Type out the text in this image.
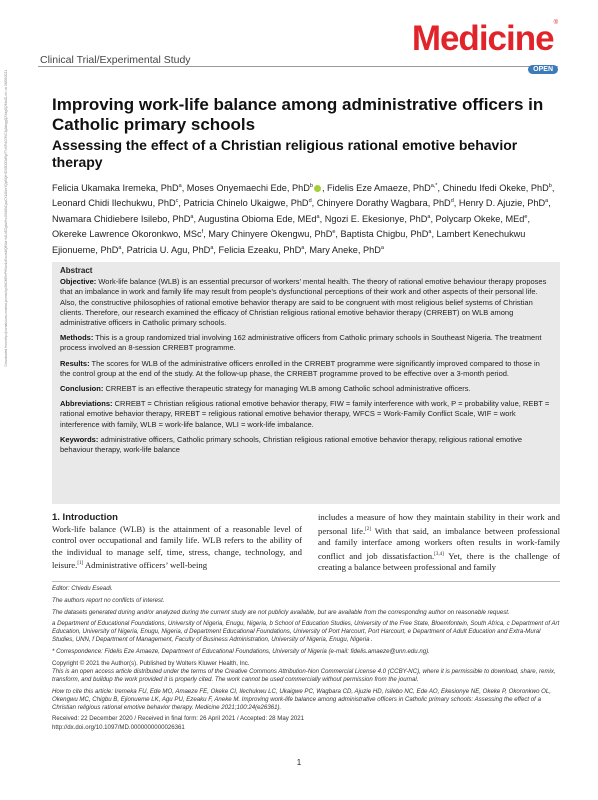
Downloaded from http://journals.lww.com/md-journal by BhDMf5ePHKav1zEoum1tQfN4a+kJLhEZgbsIHo4XMi0hCywCX1AWnYQp/IlQrHD3i3D0OdRyi7TvSFl4Cf3VC1y0abggQZXdgGj2MwlZLeI= on 06/08/2021
Clinical Trial/Experimental Study
Medicine®
OPEN
Improving work-life balance among administrative officers in Catholic primary schools
Assessing the effect of a Christian religious rational emotive behavior therapy
Felicia Ukamaka Iremeka, PhD$^a$, Moses Onyemaechi Ede, PhD$^b$ , Fidelis Eze Amaeze, PhD$^{a,*}$, Chinedu Ifedi Okeke, PhD$^b$, Leonard Chidi Ilechukwu, PhD$^c$, Patricia Chinelo Ukaigwe, PhD$^d$, Chinyere Dorathy Wagbara, PhD$^d$, Henry D. Ajuzie, PhD$^a$, Nwamara Chidiebere Isilebo, PhD$^a$, Augustina Obioma Ede, MEd$^a$, Ngozi E. Ekesionye, PhD$^a$, Polycarp Okeke, MEd$^e$, Okereke Lawrence Okoronkwo, MSc$^f$, Mary Chinyere Okengwu, PhD$^e$, Baptista Chigbu, PhD$^a$, Lambert Kenechukwu Ejionueme, PhD$^a$, Patricia U. Agu, PhD$^a$, Felicia Ezeaku, PhD$^a$, Mary Aneke, PhD$^a$
Abstract

Objective: Work-life balance (WLB) is an essential precursor of workers’ mental health. The theory of rational emotive behaviour therapy proposes that an imbalance in work and family life may result from people’s dysfunctional perceptions of their work and other aspects of their personal life. Also, the constructive philosophies of rational emotive behavior therapy are said to be congruent with most religious belief systems of Christian clients. Therefore, our research examined the efficacy of Christian religious rational emotive behavior therapy (CRREBT) on WLB among administrative officers in Catholic primary schools.

Methods: This is a group randomized trial involving 162 administrative officers from Catholic primary schools in Southeast Nigeria. The treatment process involved an 8-session CRREBT programme.

Results: The scores for WLB of the administrative officers enrolled in the CRREBT programme were significantly improved compared to those in the control group at the end of the study. At the follow-up phase, the CRREBT programme proved to be effective over a 3-month period.

Conclusion: CRREBT is an effective therapeutic strategy for managing WLB among Catholic school administrative officers.

Abbreviations: CRREBT = Christian religious rational emotive behavior therapy, FIW = family interference with work, P = probability value, REBT = rational emotive behavior therapy, RREBT = religious rational emotive behavior therapy, WFCS = Work-Family Conflict Scale, WIF = work interference with family, WLB = work-life balance, WLI = work-life imbalance.

Keywords: administrative officers, Catholic primary schools, Christian religious rational emotive behavior therapy, religious rational emotive behaviour therapy, work-life balance

1. Introduction
Work-life balance (WLB) is the attainment of a reasonable level of control over occupational and family life. WLB refers to the ability of the individual to manage self, time, stress, change, technology, and leisure.[1] Administrative officers’ well-being
includes a measure of how they maintain stability in their work and personal life.[2] With that said, an imbalance between professional and family interface among workers often results in work-family conflict and job dissatisfaction.[3,4] Yet, there is the challenge of creating a balance between professional and family

Editor: Chiedu Eseadi.

The authors report no conflicts of interest.

The datasets generated during and/or analyzed during the current study are not publicly available, but are available from the corresponding author on reasonable request.

a Department of Educational Foundations, University of Nigeria, Enugu, Nigeria, b School of Education Studies, University of the Free State, Bloemfontein, South Africa, c Department of Art Education, University of Nigeria, Enugu, Nigeria, d Department Educational Foundations, University of Port Harcourt, Port Harcourt, e Department of Adult Education and Extra-Mural Studies, UNN, f Department of Management, Faculty of Business Administration, University of Nigeria, Enugu, Nigeria .

* Correspondence: Fidelis Eze Amaeze, Department of Educational Foundations, University of Nigeria (e-mail: fidelis.amaeze@unn.edu.ng).

Copyright © 2021 the Author(s). Published by Wolters Kluwer Health, Inc.

This is an open access article distributed under the terms of the Creative Commons Attribution-Non Commercial License 4.0 (CCBY-NC), where it is permissible to download, share, remix, transform, and buildup the work provided it is properly cited. The work cannot be used commercially without permission from the journal.

How to cite this article: Iremeka FU, Ede MO, Amaeze FE, Okeke CI, Ilechukwu LC, Ukaigwe PC, Wagbara CD, Ajuzie HD, Isilebo NC, Ede AO, Ekesionye NE, Okeke P, Okoronkwo OL, Okengwu MC, Chigbu B, Ejionueme LK, Agu PU, Ezeaku F, Aneke M. Improving work-life balance among administrative officers in Catholic primary schools: Assessing the effect of a Christian religious rational emotive behavior therapy. Medicine 2021;100:24(e26361).

Received: 22 December 2020 / Received in final form: 26 April 2021 / Accepted: 28 May 2021

http://dx.doi.org/10.1097/MD.0000000000026361

1
